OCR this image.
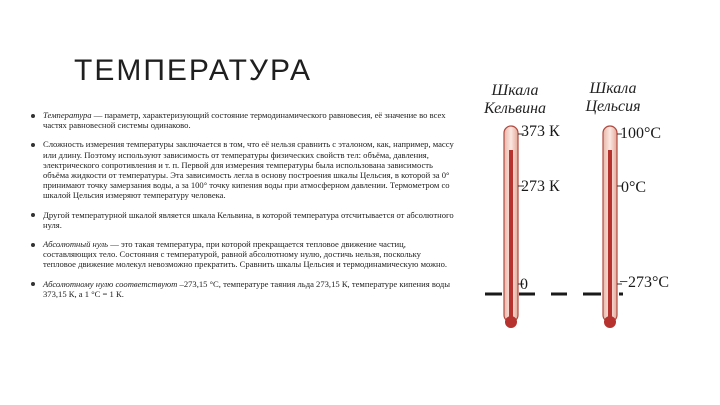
ТЕМПЕРАТУРА
Температура — параметр, характеризующий состояние термодинамического равновесия, её значение во всех частях равновесной системы одинаково.
Сложность измерения температуры заключается в том, что её нельзя сравнить с эталоном, как, например, массу или длину. Поэтому используют зависимость от температуры физических свойств тел: объёма, давления, электрического сопротивления и т. п. Первой для измерения температуры была использована зависимость объёма жидкости от температуры. Эта зависимость легла в основу построения шкалы Цельсия, в которой за 0° принимают точку замерзания воды, а за 100° точку кипения воды при атмосферном давлении. Термометром со шкалой Цельсия измеряют температуру человека.
Другой температурной шкалой является шкала Кельвина, в которой температура отсчитывается от абсолютного нуля.
Абсолютный нуль — это такая температура, при которой прекращается тепловое движение частиц, составляющих тело. Состояния с температурой, равной абсолютному нулю, достичь нельзя, поскольку тепловое движение молекул невозможно прекратить. Сравнить шкалы Цельсия и термодинамическую можно.
Абсолютному нулю соответствуют –273,15 °С, температуре таяния льда 273,15 К, температуре кипения воды 373,15 К, а 1 °С = 1 К.
Шкала
Кельвина
Шкала
Цельсия
373 К
273 К
0
100°С
0°С
−273°С
